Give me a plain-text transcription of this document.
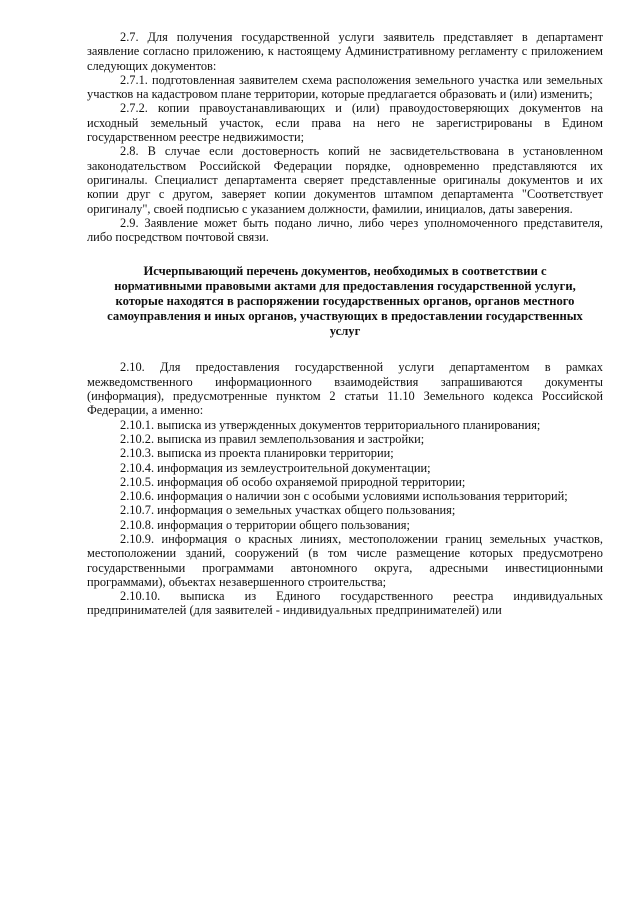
2.7. Для получения государственной услуги заявитель представляет в департамент заявление согласно приложению, к настоящему Административному регламенту с приложением следующих документов:

2.7.1. подготовленная заявителем схема расположения земельного участка или земельных участков на кадастровом плане территории, которые предлагается образовать и (или) изменить;

2.7.2. копии правоустанавливающих и (или) правоудостоверяющих документов на исходный земельный участок, если права на него не зарегистрированы в Едином государственном реестре недвижимости;

2.8. В случае если достоверность копий не засвидетельствована в установленном законодательством Российской Федерации порядке, одновременно представляются их оригиналы. Специалист департамента сверяет представленные оригиналы документов и их копии друг с другом, заверяет копии документов штампом департамента "Соответствует оригиналу", своей подписью с указанием должности, фамилии, инициалов, даты заверения.

2.9. Заявление может быть подано лично, либо через уполномоченного представителя, либо посредством почтовой связи.

Исчерпывающий перечень документов, необходимых в соответствии с нормативными правовыми актами для предоставления государственной услуги, которые находятся в распоряжении государственных органов, органов местного самоуправления и иных органов, участвующих в предоставлении государственных услуг

2.10. Для предоставления государственной услуги департаментом в рамках межведомственного информационного взаимодействия запрашиваются документы (информация), предусмотренные пунктом 2 статьи 11.10 Земельного кодекса Российской Федерации, а именно:

2.10.1. выписка из утвержденных документов территориального планирования;

2.10.2. выписка из правил землепользования и застройки;

2.10.3. выписка из проекта планировки территории;

2.10.4. информация из землеустроительной документации;

2.10.5. информация об особо охраняемой природной территории;

2.10.6. информация о наличии зон с особыми условиями использования территорий;

2.10.7. информация о земельных участках общего пользования;

2.10.8. информация о территории общего пользования;

2.10.9. информация о красных линиях, местоположении границ земельных участков, местоположении зданий, сооружений (в том числе размещение которых предусмотрено государственными программами автономного округа, адресными инвестиционными программами), объектах незавершенного строительства;

2.10.10. выписка из Единого государственного реестра индивидуальных предпринимателей (для заявителей - индивидуальных предпринимателей) или
